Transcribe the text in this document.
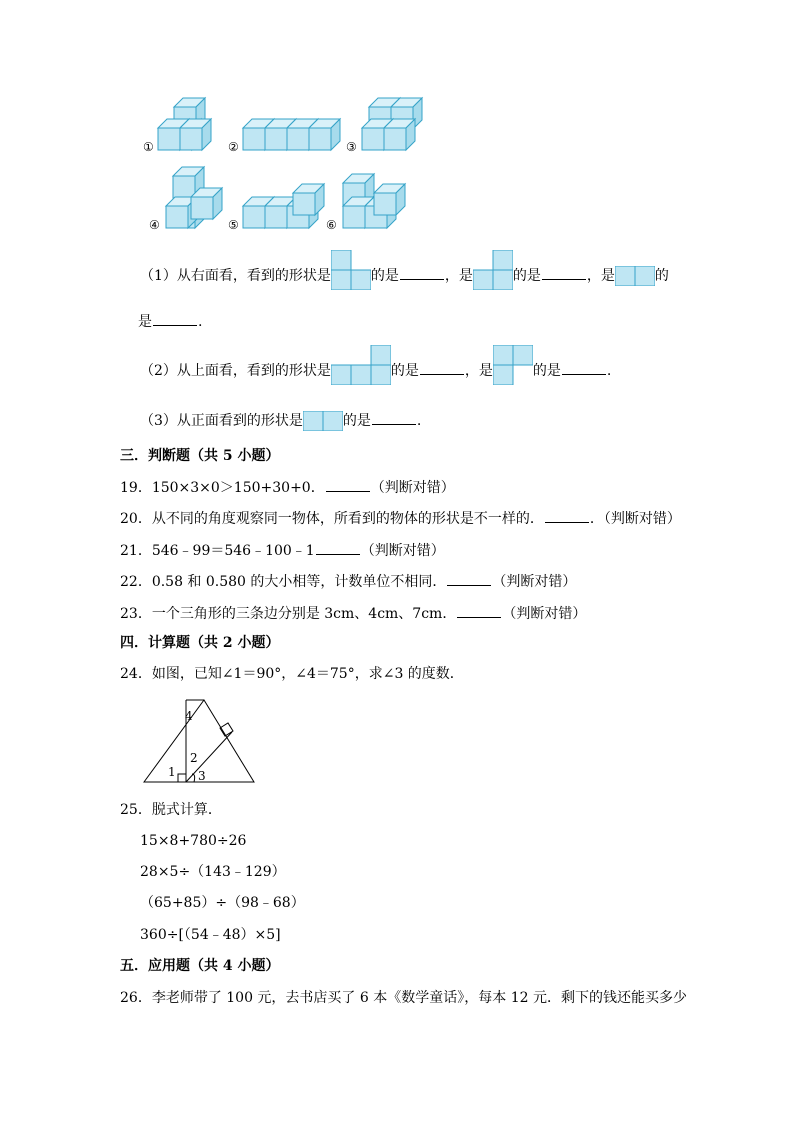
①	②	③
④	⑤	⑥
（1）从右面看，看到的形状是	的是	，是	的是	，是	的
是	.
（2）从上面看，看到的形状是	的是	，是	的是	.
（3）从正面看到的形状是	的是	.
三．判断题（共 5 小题）
19．150×3×0＞150+30+0．	（判断对错）
20．从不同的角度观察同一物体，所看到的物体的形状是不一样的．	．（判断对错）
21．546﹣99＝546﹣100﹣1	（判断对错）
22．0.58 和 0.580 的大小相等，计数单位不相同．	（判断对错）
23．一个三角形的三条边分别是 3cm、4cm、7cm．	（判断对错）
四．计算题（共 2 小题）
24．如图，已知∠1＝90°，∠4＝75°，求∠3 的度数．
4
2
1 3
25．脱式计算．
15×8+780÷26
28×5÷（143﹣129）
（65+85）÷（98﹣68）
360÷[（54﹣48）×5]
五．应用题（共 4 小题）
26．李老师带了 100 元，去书店买了 6 本《数学童话》，每本 12 元．剩下的钱还能买多少
